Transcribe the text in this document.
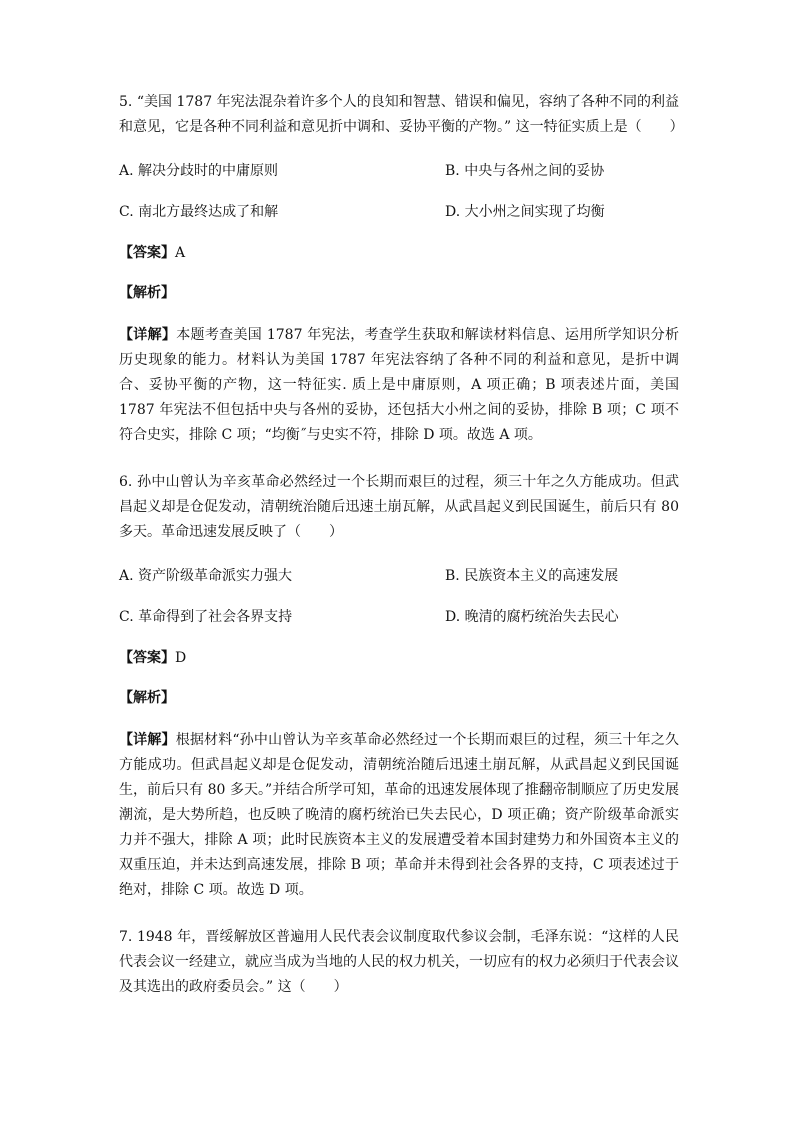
5. “美国 1787 年宪法混杂着许多个人的良知和智慧、错误和偏见，容纳了各种不同的利益和意见，它是各种不同利益和意见折中调和、妥协平衡的产物。” 这一特征实质上是（　　）

A. 解决分歧时的中庸原则	B. 中央与各州之间的妥协
C. 南北方最终达成了和解	D. 大小州之间实现了均衡
【答案】A
【解析】

【详解】本题考查美国 1787 年宪法，考查学生获取和解读材料信息、运用所学知识分析历史现象的能力。材料认为美国 1787 年宪法容纳了各种不同的利益和意见，是折中调合、妥协平衡的产物，这一特征实. 质上是中庸原则，A 项正确；B 项表述片面，美国 1787 年宪法不但包括中央与各州的妥协，还包括大小州之间的妥协，排除 B 项；C 项不符合史实，排除 C 项；“均衡˝与史实不符，排除 D 项。故选 A 项。

6. 孙中山曾认为辛亥革命必然经过一个长期而艰巨的过程，须三十年之久方能成功。但武昌起义却是仓促发动，清朝统治随后迅速土崩瓦解，从武昌起义到民国诞生，前后只有 80 多天。革命迅速发展反映了（　　）

A. 资产阶级革命派实力强大	B. 民族资本主义的高速发展
C. 革命得到了社会各界支持	D. 晚清的腐朽统治失去民心
【答案】D
【解析】

【详解】根据材料“孙中山曾认为辛亥革命必然经过一个长期而艰巨的过程，须三十年之久方能成功。但武昌起义却是仓促发动，清朝统治随后迅速土崩瓦解，从武昌起义到民国诞生，前后只有 80 多天。”并结合所学可知，革命的迅速发展体现了推翻帝制顺应了历史发展潮流，是大势所趋，也反映了晚清的腐朽统治已失去民心，D 项正确；资产阶级革命派实力并不强大，排除 A 项；此时民族资本主义的发展遭受着本国封建势力和外国资本主义的双重压迫，并未达到高速发展，排除 B 项；革命并未得到社会各界的支持，C 项表述过于绝对，排除 C 项。故选 D 项。

7. 1948 年，晋绥解放区普遍用人民代表会议制度取代参议会制，毛泽东说：“这样的人民代表会议一经建立，就应当成为当地的人民的权力机关，一切应有的权力必须归于代表会议及其选出的政府委员会。” 这（　　）
